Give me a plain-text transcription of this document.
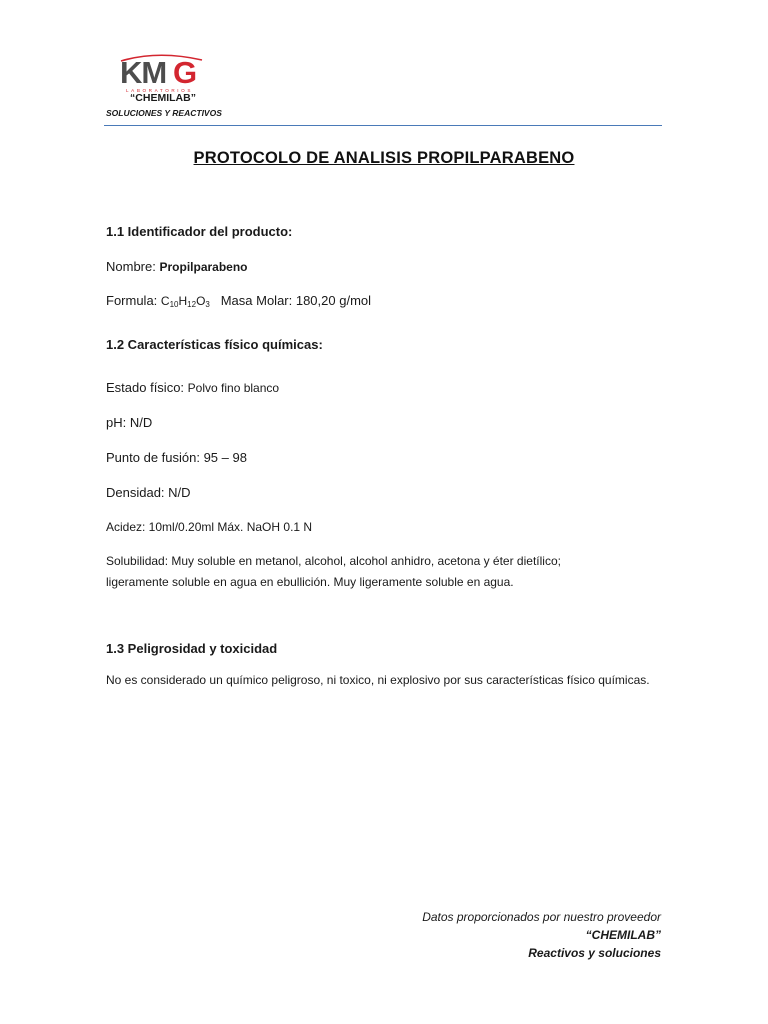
KM G
LABORATORIOS
“CHEMILAB”
SOLUCIONES Y REACTIVOS
PROTOCOLO DE ANALISIS PROPILPARABENO
1.1 Identificador del producto:
Nombre: Propilparabeno
Formula: $C_{10}H_{12}O_3$ Masa Molar: 180,20 g/mol
1.2 Características físico químicas:
Estado físico: Polvo fino blanco
pH: N/D
Punto de fusión: 95 – 98
Densidad: N/D
Acidez: 10ml/0.20ml Máx. NaOH 0.1 N
Solubilidad: Muy soluble en metanol, alcohol, alcohol anhidro, acetona y éter dietílico;
ligeramente soluble en agua en ebullición. Muy ligeramente soluble en agua.
1.3 Peligrosidad y toxicidad
No es considerado un químico peligroso, ni toxico, ni explosivo por sus características físico químicas.
Datos proporcionados por nuestro proveedor
“CHEMILAB”
Reactivos y soluciones
